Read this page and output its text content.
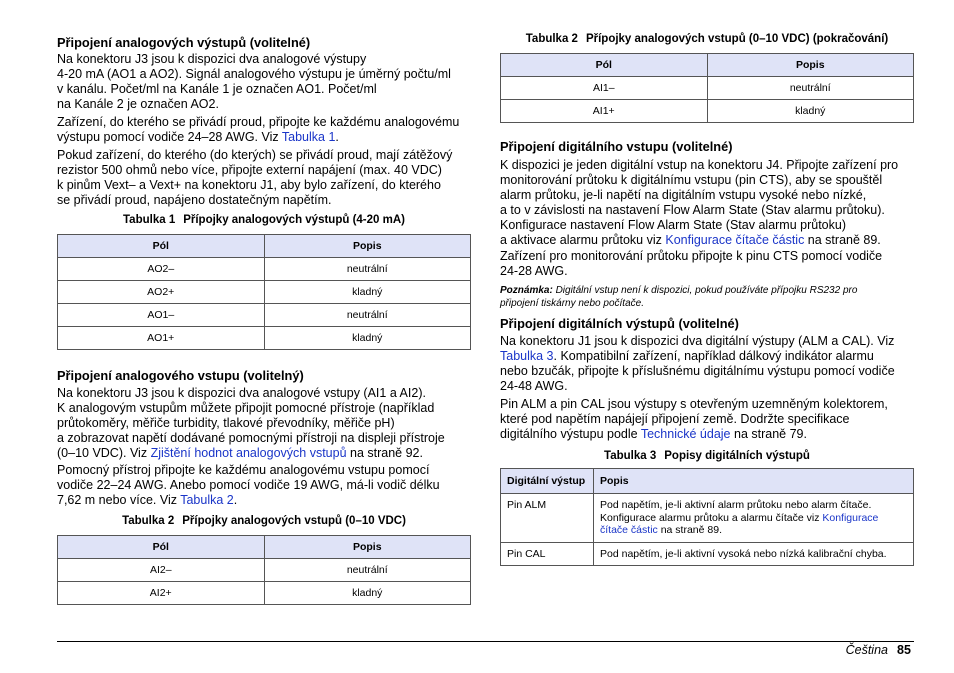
Připojení analogových výstupů (volitelné)

Na konektoru J3 jsou k dispozici dva analogové výstupy
4-20 mA (AO1 a AO2). Signál analogového výstupu je úměrný počtu/ml
v kanálu. Počet/ml na Kanále 1 je označen AO1. Počet/ml
na Kanále 2 je označen AO2.

Zařízení, do kterého se přivádí proud, připojte ke každému analogovému
výstupu pomocí vodiče 24–28 AWG. Viz Tabulka 1.

Pokud zařízení, do kterého (do kterých) se přivádí proud, mají zátěžový
rezistor 500 ohmů nebo více, připojte externí napájení (max. 40 VDC)
k pinům Vext– a Vext+ na konektoru J1, aby bylo zařízení, do kterého
se přivádí proud, napájeno dostatečným napětím.

Tabulka 1 Přípojky analogových výstupů (4-20 mA)
Pól	Popis
AO2–	neutrální
AO2+	kladný
AO1–	neutrální
AO1+	kladný
Připojení analogového vstupu (volitelný)

Na konektoru J3 jsou k dispozici dva analogové vstupy (AI1 a AI2).
K analogovým vstupům můžete připojit pomocné přístroje (například
průtokoměry, měřiče turbidity, tlakové převodníky, měřiče pH)
a zobrazovat napětí dodávané pomocnými přístroji na displeji přístroje
(0–10 VDC). Viz Zjištění hodnot analogových vstupů na straně 92.

Pomocný přístroj připojte ke každému analogovému vstupu pomocí
vodiče 22–24 AWG. Anebo pomocí vodiče 19 AWG, má-li vodič délku
7,62 m nebo více. Viz Tabulka 2.

Tabulka 2 Přípojky analogových vstupů (0–10 VDC)
Pól	Popis
AI2–	neutrální
AI2+	kladný
Tabulka 2 Přípojky analogových vstupů (0–10 VDC) (pokračování)
Pól	Popis
AI1–	neutrální
AI1+	kladný
Připojení digitálního vstupu (volitelné)

K dispozici je jeden digitální vstup na konektoru J4. Připojte zařízení pro
monitorování průtoku k digitálnímu vstupu (pin CTS), aby se spouštěl
alarm průtoku, je-li napětí na digitálním vstupu vysoké nebo nízké,
a to v závislosti na nastavení Flow Alarm State (Stav alarmu průtoku).
Konfigurace nastavení Flow Alarm State (Stav alarmu průtoku)
a aktivace alarmu průtoku viz Konfigurace čítače částic na straně 89.

Zařízení pro monitorování průtoku připojte k pinu CTS pomocí vodiče
24-28 AWG.

Poznámka: Digitální vstup není k dispozici, pokud používáte přípojku RS232 pro
připojení tiskárny nebo počítače.

Připojení digitálních výstupů (volitelné)

Na konektoru J1 jsou k dispozici dva digitální výstupy (ALM a CAL). Viz
Tabulka 3. Kompatibilní zařízení, například dálkový indikátor alarmu
nebo bzučák, připojte k příslušnému digitálnímu výstupu pomocí vodiče
24-48 AWG.

Pin ALM a pin CAL jsou výstupy s otevřeným uzemněným kolektorem,
které pod napětím napájejí připojení země. Dodržte specifikace
digitálního výstupu podle Technické údaje na straně 79.

Tabulka 3 Popisy digitálních výstupů
Digitální výstup	Popis
Pin ALM	Pod napětím, je-li aktivní alarm průtoku nebo alarm čítače.
Konfigurace alarmu průtoku a alarmu čítače viz Konfigurace
čítače částic na straně 89.
Pin CAL	Pod napětím, je-li aktivní vysoká nebo nízká kalibrační chyba.
Čeština 85
